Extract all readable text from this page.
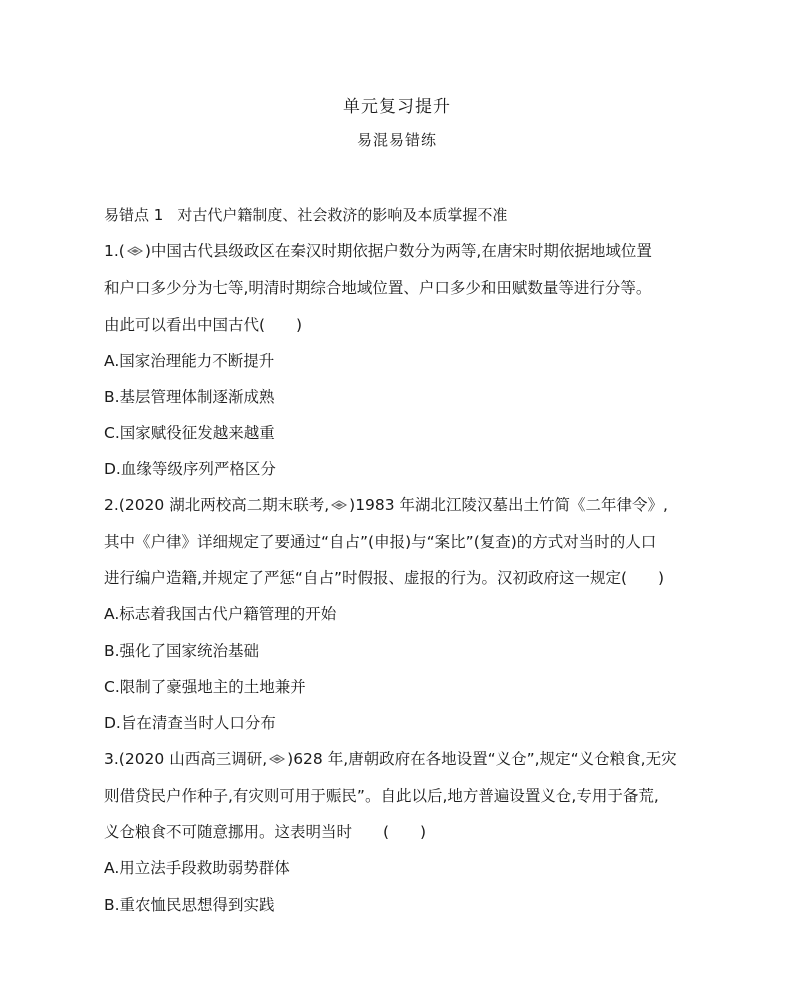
单元复习提升
易混易错练
易错点 1 对古代户籍制度、社会救济的影响及本质掌握不准
1.( )中国古代县级政区在秦汉时期依据户数分为两等,在唐宋时期依据地域位置
和户口多少分为七等,明清时期综合地域位置、户口多少和田赋数量等进行分等。
由此可以看出中国古代(　　)
A.国家治理能力不断提升
B.基层管理体制逐渐成熟
C.国家赋役征发越来越重
D.血缘等级序列严格区分
2.(2020 湖北两校高二期末联考, )1983 年湖北江陵汉墓出土竹简《二年律令》,
其中《户律》详细规定了要通过“自占”(申报)与“案比”(复查)的方式对当时的人口
进行编户造籍,并规定了严惩“自占”时假报、虚报的行为。汉初政府这一规定(　　)
A.标志着我国古代户籍管理的开始
B.强化了国家统治基础
C.限制了豪强地主的土地兼并
D.旨在清查当时人口分布
3.(2020 山西高三调研, )628 年,唐朝政府在各地设置“义仓”,规定“义仓粮食,无灾
则借贷民户作种子,有灾则可用于赈民”。自此以后,地方普遍设置义仓,专用于备荒,
义仓粮食不可随意挪用。这表明当时　　(　　)
A.用立法手段救助弱势群体
B.重农恤民思想得到实践
